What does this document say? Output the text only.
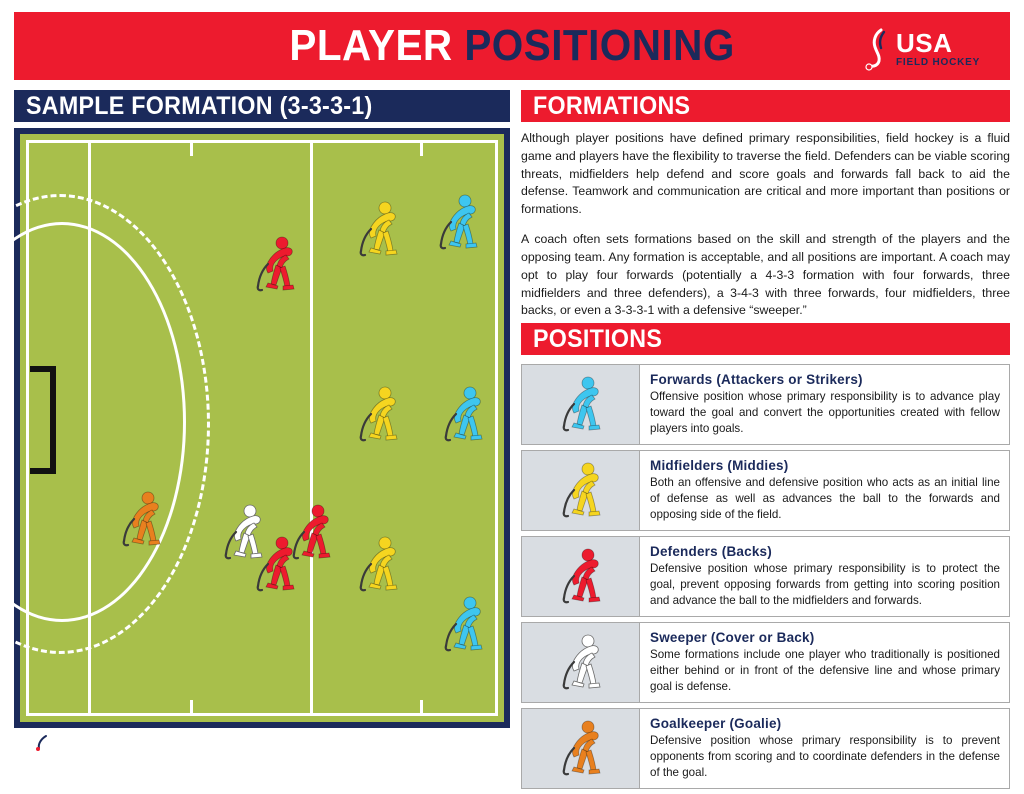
PLAYER POSITIONING	USA
FIELD HOCKEY
SAMPLE FORMATION (3-3-3-1)	FORMATIONS
POSITIONS

Although player positions have defined primary responsibilities, field hockey is a fluid game and players have the flexibility to traverse the field. Defenders can be viable scoring threats, midfielders help defend and score goals and forwards fall back to aid the defense. Teamwork and communication are critical and more important than positions or formations.

A coach often sets formations based on the skill and strength of the players and the opposing team. Any formation is acceptable, and all positions are important. A coach may opt to play four forwards (potentially a 4-3-3 formation with four forwards, three midfielders and three defenders), a 3-4-3 with three forwards, four midfielders, three backs, or even a 3-3-3-1 with a defensive “sweeper.”

Forwards (Attackers or Strikers)
Offensive position whose primary responsibility is to advance play toward the goal and convert the opportunities created with fellow players into goals.
Midfielders (Middies)
Both an offensive and defensive position who acts as an initial line of defense as well as advances the ball to the forwards and opposing side of the field.
Defenders (Backs)
Defensive position whose primary responsibility is to protect the goal, prevent opposing forwards from getting into scoring position and advance the ball to the midfielders and forwards.
Sweeper (Cover or Back)
Some formations include one player who traditionally is positioned either behind or in front of the defensive line and whose primary goal is defense.
Goalkeeper (Goalie)
Defensive position whose primary responsibility is to prevent opponents from scoring and to coordinate defenders in the defense of the goal.
